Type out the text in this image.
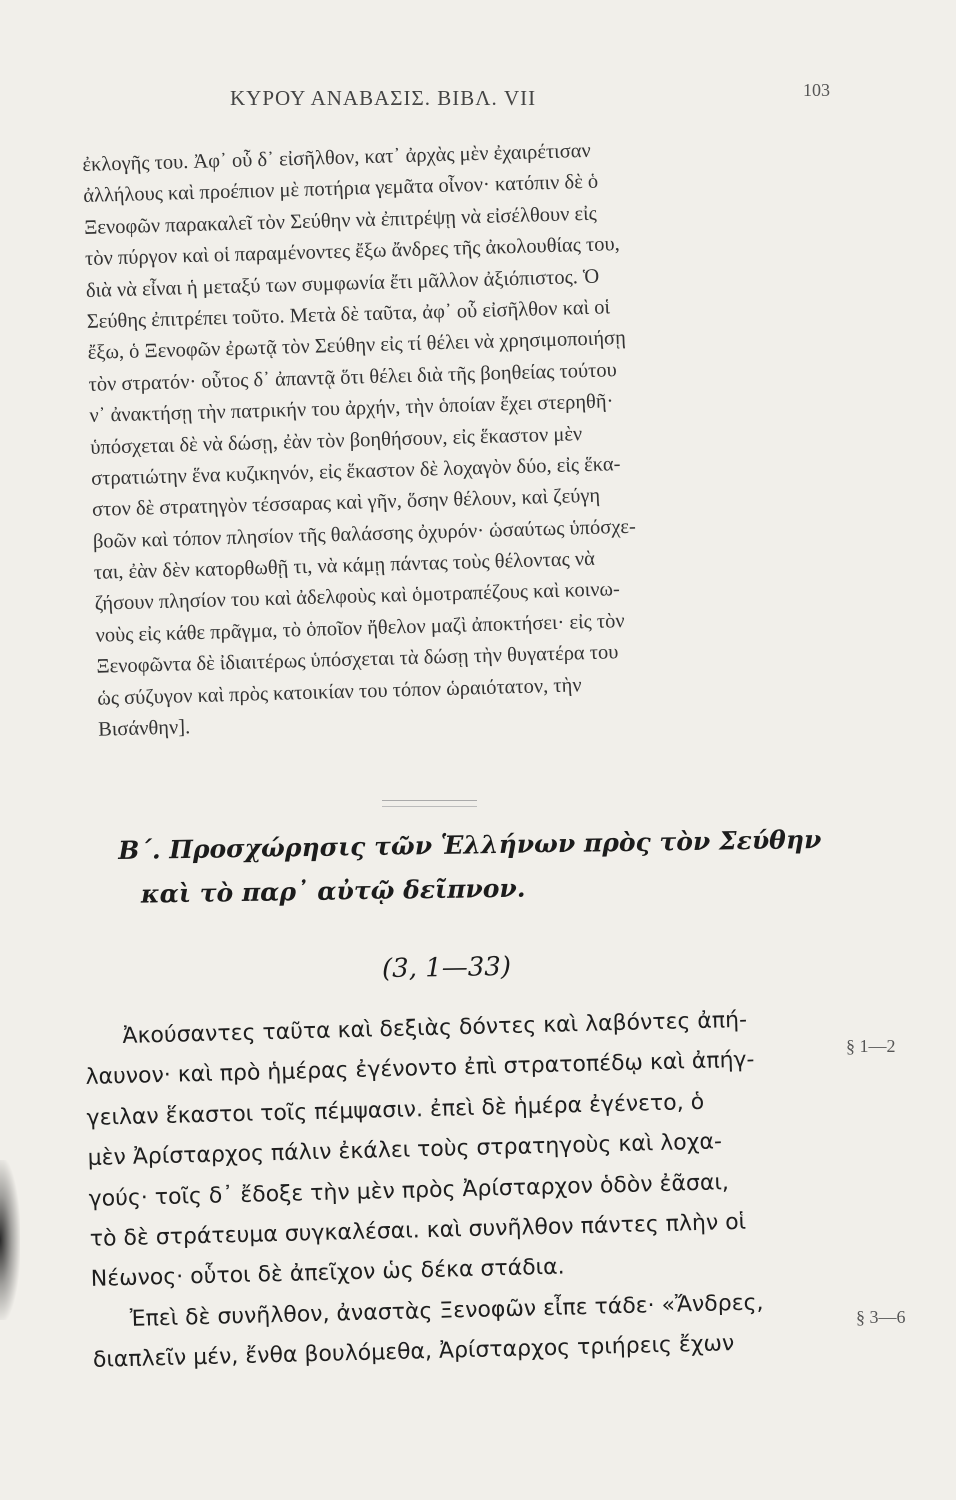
ΚΥΡΟΥ ΑΝΑΒΑΣΙΣ. ΒΙΒΛ. VII	103
ἐκλογῆς του. Ἀφ᾽ οὗ δ᾽ εἰσῆλθον, κατ᾽ ἀρχὰς μὲν ἐχαιρέτισαν
ἀλλήλους καὶ προέπιον μὲ ποτήρια γεμᾶτα οἶνον· κατόπιν δὲ ὁ
Ξενοφῶν παρακαλεῖ τὸν Σεύθην νὰ ἐπιτρέψῃ νὰ εἰσέλθουν εἰς
τὸν πύργον καὶ οἱ παραμένοντες ἔξω ἄνδρες τῆς ἀκολουθίας του,
διὰ νὰ εἶναι ἡ μεταξύ των συμφωνία ἔτι μᾶλλον ἀξιόπιστος. Ὁ
Σεύθης ἐπιτρέπει τοῦτο. Μετὰ δὲ ταῦτα, ἀφ᾽ οὗ εἰσῆλθον καὶ οἱ
ἔξω, ὁ Ξενοφῶν ἐρωτᾷ τὸν Σεύθην εἰς τί θέλει νὰ χρησιμοποιήσῃ
τὸν στρατόν· οὗτος δ᾽ ἀπαντᾷ ὅτι θέλει διὰ τῆς βοηθείας τούτου
ν᾽ ἀνακτήσῃ τὴν πατρικήν του ἀρχήν, τὴν ὁποίαν ἔχει στερηθῆ·
ὑπόσχεται δὲ νὰ δώσῃ, ἐὰν τὸν βοηθήσουν, εἰς ἕκαστον μὲν
στρατιώτην ἕνα κυζικηνόν, εἰς ἕκαστον δὲ λοχαγὸν δύο, εἰς ἕκα-
στον δὲ στρατηγὸν τέσσαρας καὶ γῆν, ὅσην θέλουν, καὶ ζεύγη
βοῶν καὶ τόπον πλησίον τῆς θαλάσσης ὀχυρόν· ὡσαύτως ὑπόσχε-
ται, ἐὰν δὲν κατορθωθῇ τι, νὰ κάμῃ πάντας τοὺς θέλοντας νὰ
ζήσουν πλησίον του καὶ ἀδελφοὺς καὶ ὁμοτραπέζους καὶ κοινω-
νοὺς εἰς κάθε πρᾶγμα, τὸ ὁποῖον ἤθελον μαζὶ ἀποκτήσει· εἰς τὸν
Ξενοφῶντα δὲ ἰδιαιτέρως ὑπόσχεται τὰ δώσῃ τὴν θυγατέρα του
ὡς σύζυγον καὶ πρὸς κατοικίαν του τόπον ὡραιότατον, τὴν
Βισάνθην].
Β΄. Προσχώρησις τῶν Ἑλλήνων πρὸς τὸν Σεύθην
καὶ τὸ παρ᾽ αὐτῷ δεῖπνον.
(3, 1—33)
Ἀκούσαντες ταῦτα καὶ δεξιὰς δόντες καὶ λαβόντες ἀπή-
λαυνον· καὶ πρὸ ἡμέρας ἐγένοντο ἐπὶ στρατοπέδῳ καὶ ἀπήγ-
γειλαν ἕκαστοι τοῖς πέμψασιν. ἐπεὶ δὲ ἡμέρα ἐγένετο, ὁ
μὲν Ἀρίσταρχος πάλιν ἐκάλει τοὺς στρατηγοὺς καὶ λοχα-
γούς· τοῖς δ᾽ ἔδοξε τὴν μὲν πρὸς Ἀρίσταρχον ὁδὸν ἐᾶσαι,
τὸ δὲ στράτευμα συγκαλέσαι. καὶ συνῆλθον πάντες πλὴν οἱ
Νέωνος· οὗτοι δὲ ἀπεῖχον ὡς δέκα στάδια.
Ἐπεὶ δὲ συνῆλθον, ἀναστὰς Ξενοφῶν εἶπε τάδε· «Ἄνδρες,
διαπλεῖν μέν, ἔνθα βουλόμεθα, Ἀρίσταρχος τριήρεις ἔχων
§ 1—2
§ 3—6
